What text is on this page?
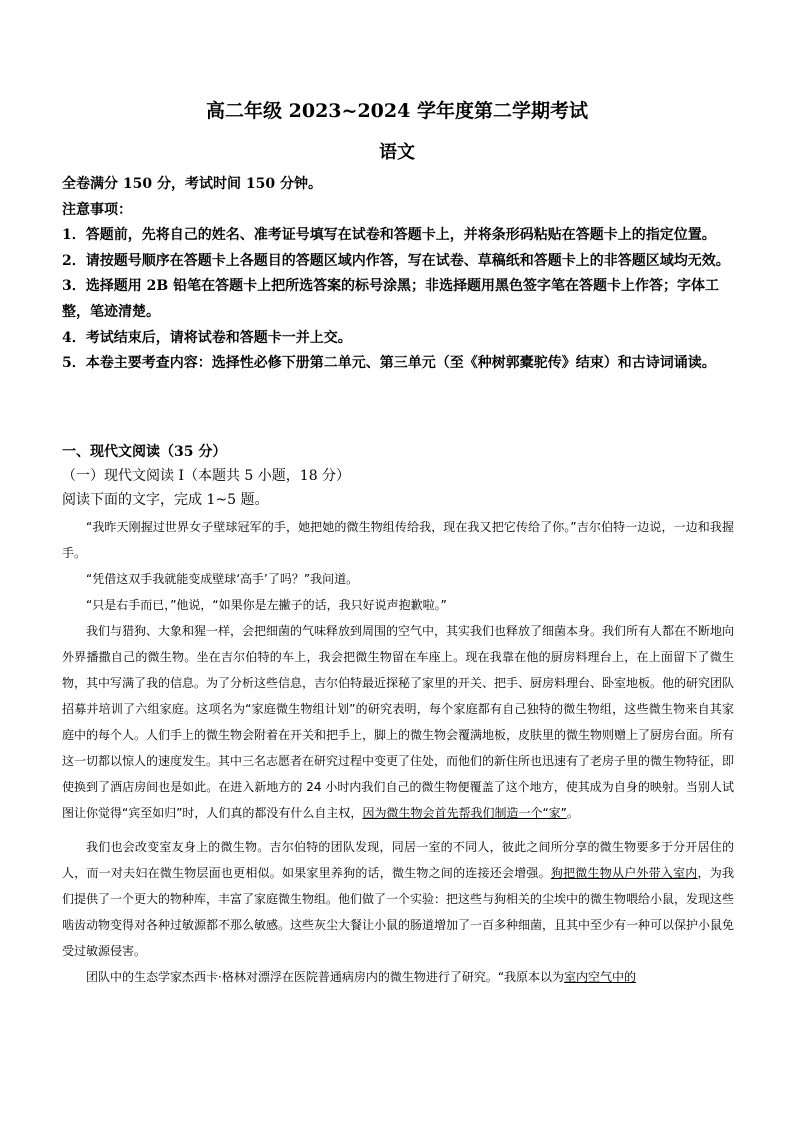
高二年级 2023~2024 学年度第二学期考试
语文

全卷满分 150 分，考试时间 150 分钟。

注意事项：

1．答题前，先将自己的姓名、准考证号填写在试卷和答题卡上，并将条形码粘贴在答题卡上的指定位置。

2．请按题号顺序在答题卡上各题目的答题区域内作答，写在试卷、草稿纸和答题卡上的非答题区域均无效。

3．选择题用 2B 铅笔在答题卡上把所选答案的标号涂黑；非选择题用黑色签字笔在答题卡上作答；字体工整，笔迹清楚。

4．考试结束后，请将试卷和答题卡一并上交。

5．本卷主要考查内容：选择性必修下册第二单元、第三单元（至《种树郭橐驼传》结束）和古诗词诵读。

一、现代文阅读（35 分）

（一）现代文阅读 I（本题共 5 小题，18 分）

阅读下面的文字，完成 1~5 题。

“我昨天刚握过世界女子壁球冠军的手，她把她的微生物组传给我，现在我又把它传给了你。”吉尔伯特一边说，一边和我握手。

“凭借这双手我就能变成壁球‘高手’了吗？”我问道。

“只是右手而已，”他说，“如果你是左撇子的话，我只好说声抱歉啦。”

我们与猎狗、大象和猩一样，会把细菌的气味释放到周围的空气中，其实我们也释放了细菌本身。我们所有人都在不断地向外界播撒自己的微生物。坐在吉尔伯特的车上，我会把微生物留在车座上。现在我靠在他的厨房料理台上，在上面留下了微生物，其中写满了我的信息。为了分析这些信息，吉尔伯特最近探秘了家里的开关、把手、厨房料理台、卧室地板。他的研究团队招募并培训了六组家庭。这项名为“家庭微生物组计划”的研究表明，每个家庭都有自己独特的微生物组，这些微生物来自其家庭中的每个人。人们手上的微生物会附着在开关和把手上，脚上的微生物会覆满地板，皮肤里的微生物则赠上了厨房台面。所有这一切都以惊人的速度发生。其中三名志愿者在研究过程中变更了住处，而他们的新住所也迅速有了老房子里的微生物特征，即使换到了酒店房间也是如此。在进入新地方的 24 小时内我们自己的微生物便覆盖了这个地方，使其成为自身的映射。当别人试图让你觉得“宾至如归”时，人们真的都没有什么自主权，因为微生物会首先帮我们制造一个“家”。

我们也会改变室友身上的微生物。吉尔伯特的团队发现，同居一室的不同人，彼此之间所分享的微生物要多于分开居住的人，而一对夫妇在微生物层面也更相似。如果家里养狗的话，微生物之间的连接还会增强。狗把微生物从户外带入室内，为我们提供了一个更大的物种库，丰富了家庭微生物组。他们做了一个实验：把这些与狗相关的尘埃中的微生物喂给小鼠，发现这些啮齿动物变得对各种过敏源都不那么敏感。这些灰尘大餐让小鼠的肠道增加了一百多种细菌，且其中至少有一种可以保护小鼠免受过敏源侵害。

团队中的生态学家杰西卡·格林对漂浮在医院普通病房内的微生物进行了研究。“我原本以为室内空气中的
